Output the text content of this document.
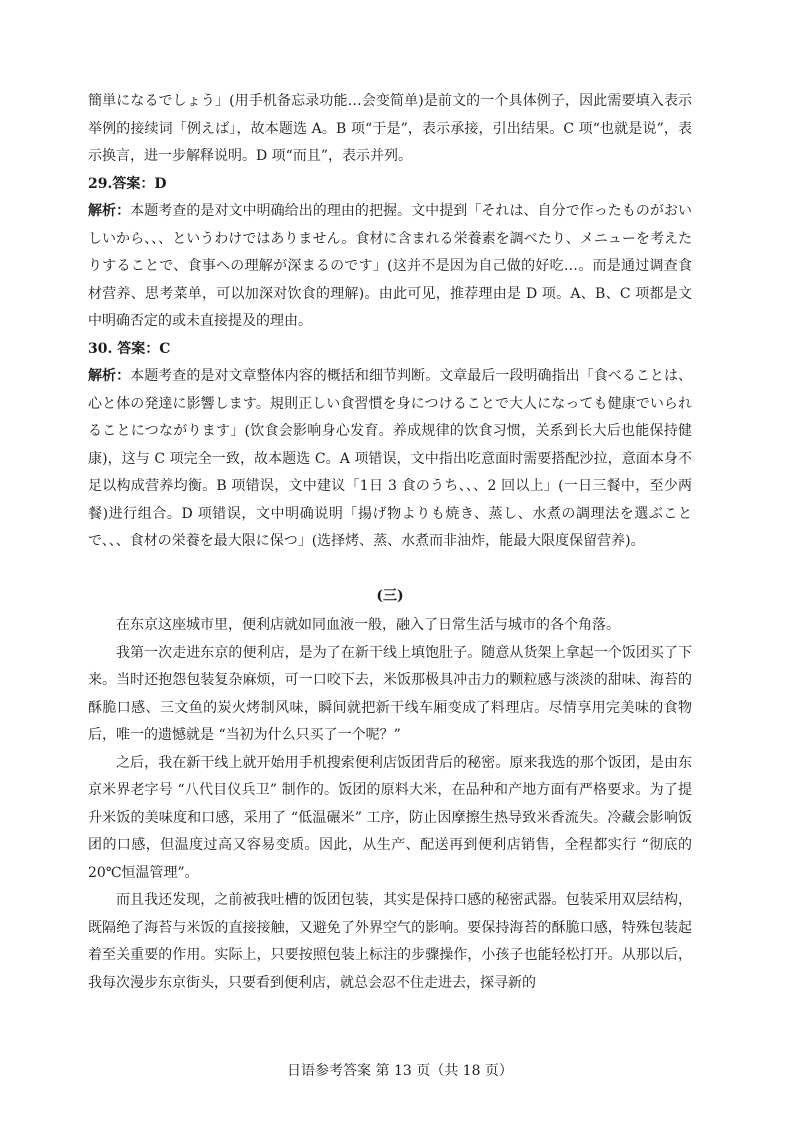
簡単になるでしょう」(用手机备忘录功能…会变简单)是前文的一个具体例子，因此需要填入表示举例的接续词「例えば」，故本题选 A。B 项“于是”，表示承接，引出结果。C 项“也就是说”，表示换言，进一步解释说明。D 项“而且”，表示并列。

29.答案：D

解析：本题考查的是对文中明确给出的理由的把握。文中提到「それは、自分で作ったものがおいしいから、、、というわけではありません。食材に含まれる栄養素を調べたり、メニューを考えたりすることで、食事への理解が深まるのです」(这并不是因为自己做的好吃…。而是通过调查食材营养、思考菜单，可以加深对饮食的理解)。由此可见，推荐理由是 D 项。A、B、C 项都是文中明确否定的或未直接提及的理由。

30. 答案：C

解析：本题考查的是对文章整体内容的概括和细节判断。文章最后一段明确指出「食べることは、心と体の発達に影響します。規則正しい食習慣を身につけることで大人になっても健康でいられることにつながります」(饮食会影响身心发育。养成规律的饮食习惯，关系到长大后也能保持健康)，这与 C 项完全一致，故本题选 C。A 项错误，文中指出吃意面时需要搭配沙拉，意面本身不足以构成营养均衡。B 项错误，文中建议「1日 3 食のうち、、、2 回以上」(一日三餐中，至少两餐)进行组合。D 项错误，文中明确说明「揚げ物よりも焼き、蒸し、水煮の調理法を選ぶことで、、、食材の栄養を最大限に保つ」(选择烤、蒸、水煮而非油炸，能最大限度保留营养)。

(三)

在东京这座城市里，便利店就如同血液一般，融入了日常生活与城市的各个角落。

我第一次走进东京的便利店，是为了在新干线上填饱肚子。随意从货架上拿起一个饭团买了下来。当时还抱怨包装复杂麻烦，可一口咬下去，米饭那极具冲击力的颗粒感与淡淡的甜味、海苔的酥脆口感、三文鱼的炭火烤制风味，瞬间就把新干线车厢变成了料理店。尽情享用完美味的食物后，唯一的遗憾就是 “当初为什么只买了一个呢？”

之后，我在新干线上就开始用手机搜索便利店饭团背后的秘密。原来我选的那个饭团，是由东京米界老字号 “八代目仪兵卫” 制作的。饭团的原料大米，在品种和产地方面有严格要求。为了提升米饭的美味度和口感，采用了 “低温碾米” 工序，防止因摩擦生热导致米香流失。冷藏会影响饭团的口感，但温度过高又容易变质。因此，从生产、配送再到便利店销售，全程都实行 “彻底的 20℃恒温管理”。

而且我还发现，之前被我吐槽的饭团包装，其实是保持口感的秘密武器。包装采用双层结构，既隔绝了海苔与米饭的直接接触，又避免了外界空气的影响。要保持海苔的酥脆口感，特殊包装起着至关重要的作用。实际上，只要按照包装上标注的步骤操作，小孩子也能轻松打开。从那以后，我每次漫步东京街头，只要看到便利店，就总会忍不住走进去，探寻新的

日语参考答案 第 13 页（共 18 页）
